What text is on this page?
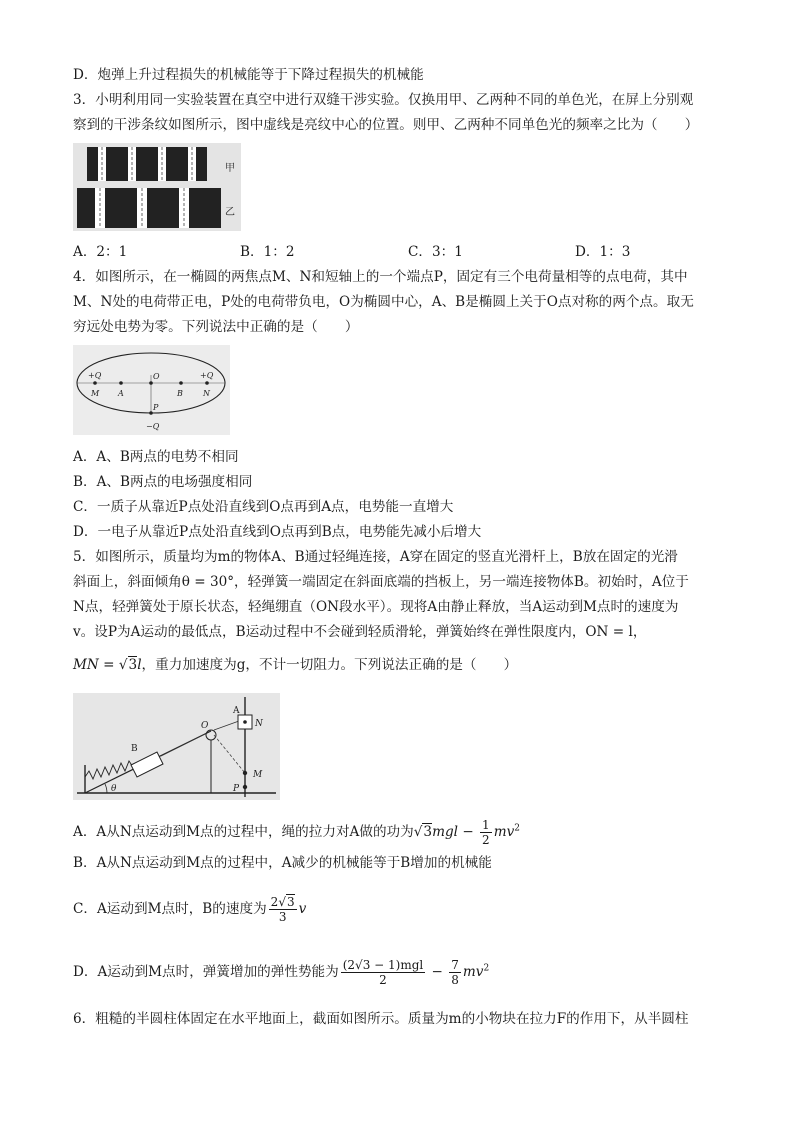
D．炮弹上升过程损失的机械能等于下降过程损失的机械能
3．小明利用同一实验装置在真空中进行双缝干涉实验。仅换用甲、乙两种不同的单色光，在屏上分别观
察到的干涉条纹如图所示，图中虚线是亮纹中心的位置。则甲、乙两种不同单色光的频率之比为（　　）
甲
乙
A．2：1	B．1：2	C．3：1	D．1：3
4．如图所示，在一椭圆的两焦点M、N和短轴上的一个端点P，固定有三个电荷量相等的点电荷，其中
M、N处的电荷带正电，P处的电荷带负电，O为椭圆中心，A、B是椭圆上关于O点对称的两个点。取无
穷远处电势为零。下列说法中正确的是（　　）
+Q	+Q
M A
O
B	N
P
−Q
A．A、B两点的电势不相同
B．A、B两点的电场强度相同
C．一质子从靠近P点处沿直线到O点再到A点，电势能一直增大
D．一电子从靠近P点处沿直线到O点再到B点，电势能先减小后增大
5．如图所示，质量均为m的物体A、B通过轻绳连接，A穿在固定的竖直光滑杆上，B放在固定的光滑
斜面上，斜面倾角θ = 30°，轻弹簧一端固定在斜面底端的挡板上，另一端连接物体B。初始时，A位于
N点，轻弹簧处于原长状态，轻绳绷直（ON段水平）。现将A由静止释放，当A运动到M点时的速度为
v。设P为A运动的最低点，B运动过程中不会碰到轻质滑轮，弹簧始终在弹性限度内，ON = l，
MN = √3l，重力加速度为g，不计一切阻力。下列说法正确的是（　　）
A
N
O
B
M
P
θ
A．A从N点运动到M点的过程中，绳的拉力对A做的功为$√3mgl - \frac{1}{2} mv^2$
B．A从N点运动到M点的过程中，A减少的机械能等于B增加的机械能
C．A运动到M点时，B的速度为 $\frac{2√3}{3}$ v
D．A运动到M点时，弹簧增加的弹性势能为 $\frac{\text{(2√3 − 1)mgl}}{2} - \frac{7}{8} mv^2$
6．粗糙的半圆柱体固定在水平地面上，截面如图所示。质量为m的小物块在拉力F的作用下，从半圆柱
